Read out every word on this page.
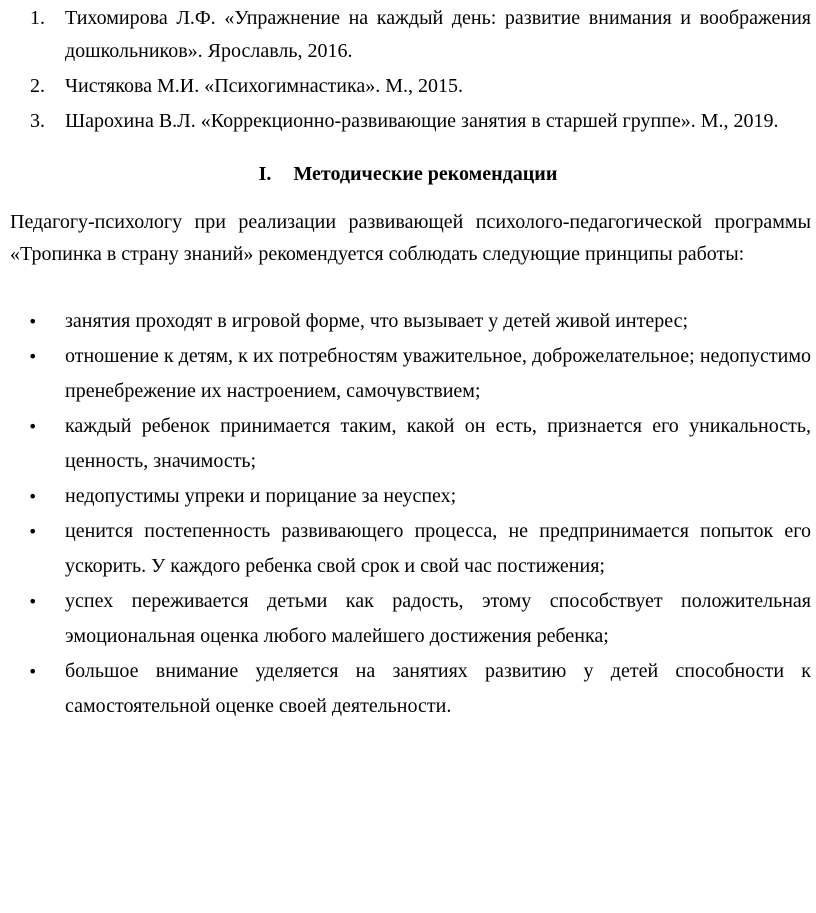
1. Тихомирова Л.Ф. «Упражнение на каждый день: развитие внимания и воображения дошкольников». Ярославль, 2016.
2. Чистякова М.И. «Психогимнастика». М., 2015.
3. Шарохина В.Л. «Коррекционно-развивающие занятия в старшей группе». М., 2019.
I. Методические рекомендации

Педагогу-психологу при реализации развивающей психолого-педагогической программы «Тропинка в страну знаний» рекомендуется соблюдать следующие принципы работы:

• занятия проходят в игровой форме, что вызывает у детей живой интерес;
• отношение к детям, к их потребностям уважительное, доброжелательное; недопустимо пренебрежение их настроением, самочувствием;
• каждый ребенок принимается таким, какой он есть, признается его уникальность, ценность, значимость;
• недопустимы упреки и порицание за неуспех;
• ценится постепенность развивающего процесса, не предпринимается попыток его ускорить. У каждого ребенка свой срок и свой час постижения;
• успех переживается детьми как радость, этому способствует положительная эмоциональная оценка любого малейшего достижения ребенка;
• большое внимание уделяется на занятиях развитию у детей способности к самостоятельной оценке своей деятельности.
